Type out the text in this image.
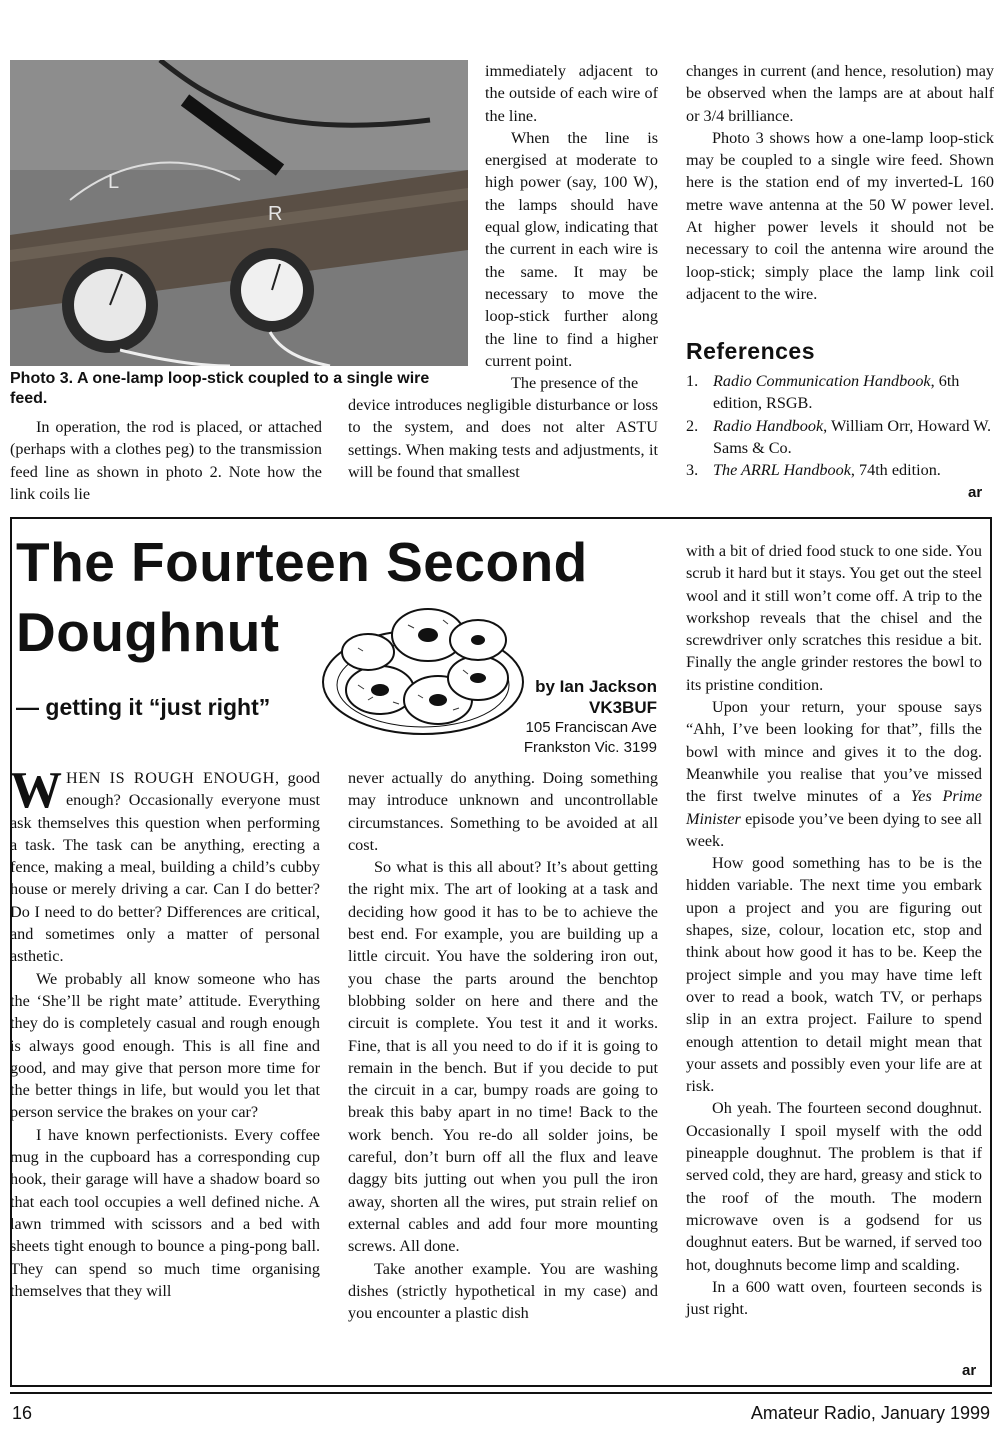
L
R
Photo 3. A one-lamp loop-stick coupled to a single wire feed.

In operation, the rod is placed, or attached (perhaps with a clothes peg) to the transmission feed line as shown in photo 2. Note how the link coils lie

immediately adjacent to the outside of each wire of the line.

When the line is energised at moderate to high power (say, 100 W), the lamps should have equal glow, indicating that the current in each wire is the same. It may be necessary to move the loop-stick further along the line to find a higher current point.

The presence of the

device introduces negligible disturbance or loss to the system, and does not alter ASTU settings. When making tests and adjustments, it will be found that smallest

changes in current (and hence, resolution) may be observed when the lamps are at about half or 3/4 brilliance.

Photo 3 shows how a one-lamp loop-stick may be coupled to a single wire feed. Shown here is the station end of my inverted-L 160 metre wave antenna at the 50 W power level. At higher power levels it should not be necessary to coil the antenna wire around the loop-stick; simply place the lamp link coil adjacent to the wire.

References
1. Radio Communication Handbook, 6th edition, RSGB.
2. Radio Handbook, William Orr, Howard W. Sams & Co.
3. The ARRL Handbook, 74th edition.
ar
The Fourteen Second
Doughnut
— getting it “just right”
by Ian Jackson
VK3BUF
105 Franciscan Ave
Frankston Vic. 3199

WHEN IS ROUGH ENOUGH, good enough? Occasionally everyone must ask themselves this question when performing a task. The task can be anything, erecting a fence, making a meal, building a child’s cubby house or merely driving a car. Can I do better? Do I need to do better? Differences are critical, and sometimes only a matter of personal asthetic.

We probably all know someone who has the ‘She’ll be right mate’ attitude. Everything they do is completely casual and rough enough is always good enough. This is all fine and good, and may give that person more time for the better things in life, but would you let that person service the brakes on your car?

I have known perfectionists. Every coffee mug in the cupboard has a corresponding cup hook, their garage will have a shadow board so that each tool occupies a well defined niche. A lawn trimmed with scissors and a bed with sheets tight enough to bounce a ping-pong ball. They can spend so much time organising themselves that they will

never actually do anything. Doing something may introduce unknown and uncontrollable circumstances. Something to be avoided at all cost.

So what is this all about? It’s about getting the right mix. The art of looking at a task and deciding how good it has to be to achieve the best end. For example, you are building up a little circuit. You have the soldering iron out, you chase the parts around the benchtop blobbing solder on here and there and the circuit is complete. You test it and it works. Fine, that is all you need to do if it is going to remain in the bench. But if you decide to put the circuit in a car, bumpy roads are going to break this baby apart in no time! Back to the work bench. You re-do all solder joins, be careful, don’t burn off all the flux and leave daggy bits jutting out when you pull the iron away, shorten all the wires, put strain relief on external cables and add four more mounting screws. All done.

Take another example. You are washing dishes (strictly hypothetical in my case) and you encounter a plastic dish

with a bit of dried food stuck to one side. You scrub it hard but it stays. You get out the steel wool and it still won’t come off. A trip to the workshop reveals that the chisel and the screwdriver only scratches this residue a bit. Finally the angle grinder restores the bowl to its pristine condition.

Upon your return, your spouse says “Ahh, I’ve been looking for that”, fills the bowl with mince and gives it to the dog. Meanwhile you realise that you’ve missed the first twelve minutes of a Yes Prime Minister episode you’ve been dying to see all week.

How good something has to be is the hidden variable. The next time you embark upon a project and you are figuring out shapes, size, colour, location etc, stop and think about how good it has to be. Keep the project simple and you may have time left over to read a book, watch TV, or perhaps slip in an extra project. Failure to spend enough attention to detail might mean that your assets and possibly even your life are at risk.

Oh yeah. The fourteen second doughnut. Occasionally I spoil myself with the odd pineapple doughnut. The problem is that if served cold, they are hard, greasy and stick to the roof of the mouth. The modern microwave oven is a godsend for us doughnut eaters. But be warned, if served too hot, doughnuts become limp and scalding.

In a 600 watt oven, fourteen seconds is just right.

ar
16	Amateur Radio, January 1999
